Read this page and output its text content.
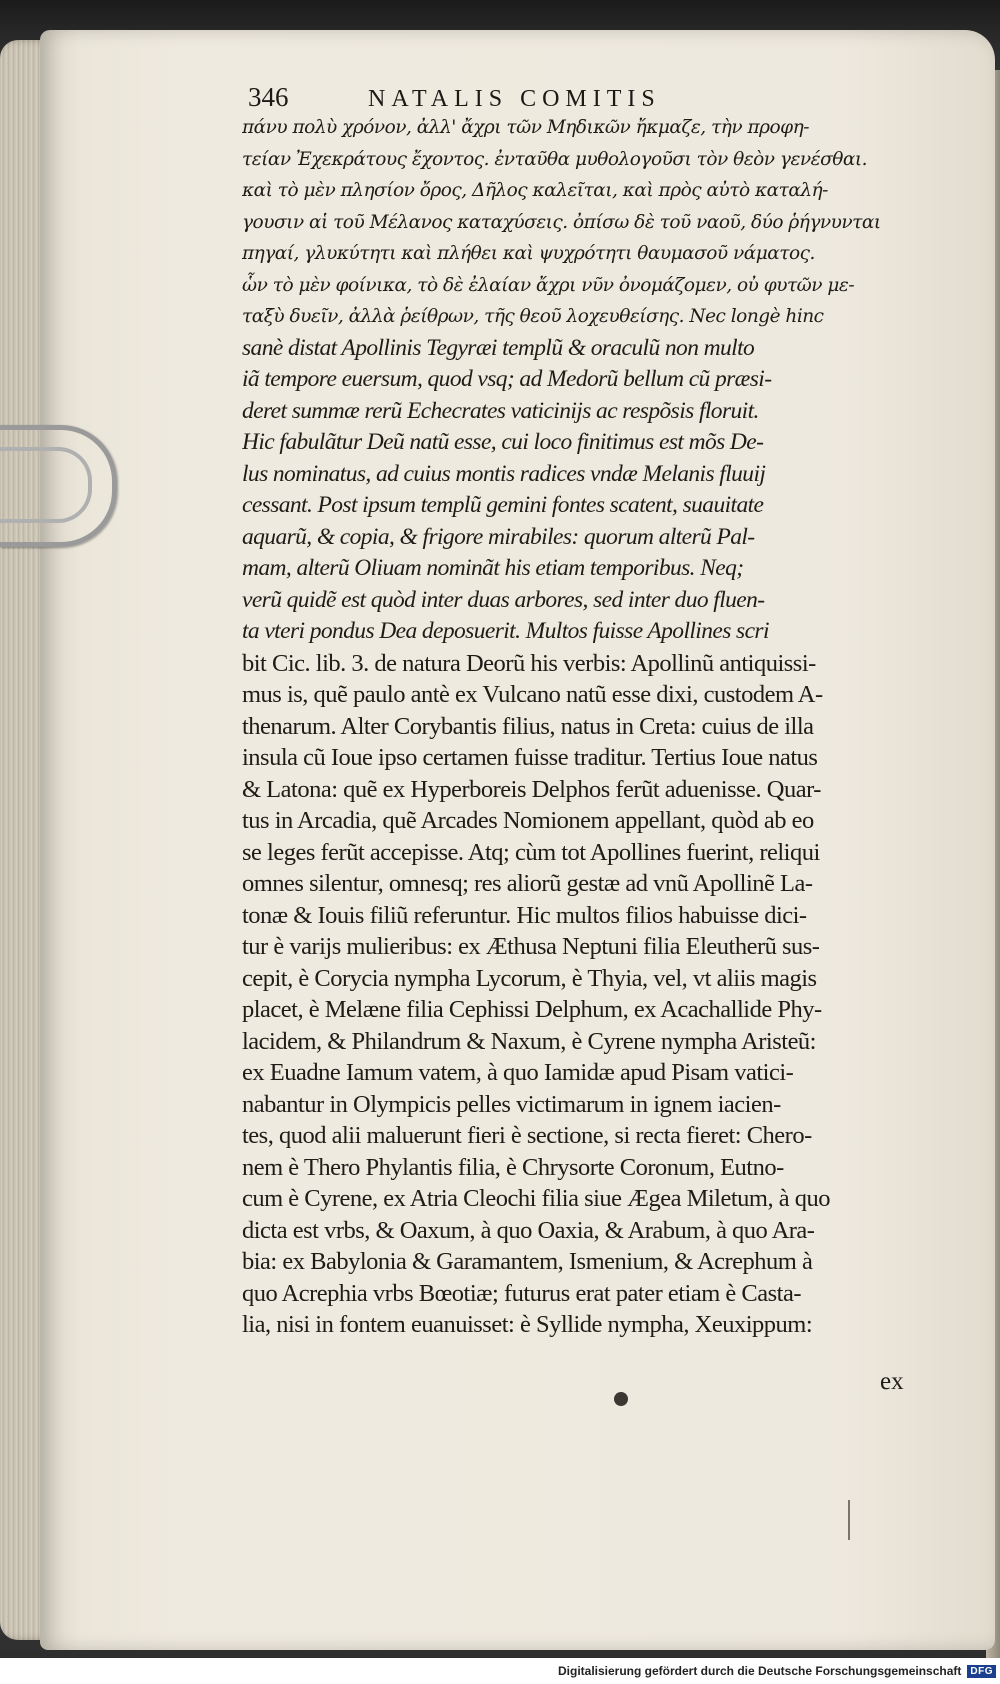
346	NATALIS COMITIS
πάνυ πολὺ χρόνον, ἀλλ' ἄχρι τῶν Μηδικῶν ἤκμαζε, τὴν προφη-
τείαν Ἐχεκράτους ἔχοντος. ἐνταῦθα μυθολογοῦσι τὸν θεὸν γενέσθαι.
καὶ τὸ μὲν πλησίον ὄρος, Δῆλος καλεῖται, καὶ πρὸς αὐτὸ καταλή-
γουσιν αἱ τοῦ Μέλανος καταχύσεις. ὀπίσω δὲ τοῦ ναοῦ, δύο ῥήγνυνται
πηγαί, γλυκύτητι καὶ πλήθει καὶ ψυχρότητι θαυμασοῦ νάματος.
ὧν τὸ μὲν φοίνικα, τὸ δὲ ἐλαίαν ἄχρι νῦν ὀνομάζομεν, οὐ φυτῶν με-
ταξὺ δυεῖν, ἀλλὰ ῥείθρων, τῆς θεοῦ λοχευθείσης. Nec longè hinc
sanè distat Apollinis Tegyræi templũ & oraculũ non multo
iã tempore euersum, quod vsq; ad Medorũ bellum cũ præsi-
deret summæ rerũ Echecrates vaticinijs ac respõsis floruit.
Hic fabulãtur Deũ natũ esse, cui loco finitimus est mõs De-
lus nominatus, ad cuius montis radices vndæ Melanis fluuij
cessant. Post ipsum templũ gemini fontes scatent, suauitate
aquarũ, & copia, & frigore mirabiles: quorum alterũ Pal-
mam, alterũ Oliuam nominãt his etiam temporibus. Neq;
verũ quidẽ est quòd inter duas arbores, sed inter duo fluen-
ta vteri pondus Dea deposuerit. Multos fuisse Apollines scri
bit Cic. lib. 3. de natura Deorũ his verbis: Apollinũ antiquissi-
mus is, quẽ paulo antè ex Vulcano natũ esse dixi, custodem A-
thenarum. Alter Corybantis filius, natus in Creta: cuius de illa
insula cũ Ioue ipso certamen fuisse traditur. Tertius Ioue natus
& Latona: quẽ ex Hyperboreis Delphos ferũt aduenisse. Quar-
tus in Arcadia, quẽ Arcades Nomionem appellant, quòd ab eo
se leges ferũt accepisse. Atq; cùm tot Apollines fuerint, reliqui
omnes silentur, omnesq; res aliorũ gestæ ad vnũ Apollinẽ La-
tonæ & Iouis filiũ referuntur. Hic multos filios habuisse dici-
tur è varijs mulieribus: ex Æthusa Neptuni filia Eleutherũ sus-
cepit, è Corycia nympha Lycorum, è Thyia, vel, vt aliis magis
placet, è Melæne filia Cephissi Delphum, ex Acachallide Phy-
lacidem, & Philandrum & Naxum, è Cyrene nympha Aristeũ:
ex Euadne Iamum vatem, à quo Iamidæ apud Pisam vatici-
nabantur in Olympicis pelles victimarum in ignem iacien-
tes, quod alii maluerunt fieri è sectione, si recta fieret: Chero-
nem è Thero Phylantis filia, è Chrysorte Coronum, Eutno-
cum è Cyrene, ex Atria Cleochi filia siue Ægea Miletum, à quo
dicta est vrbs, & Oaxum, à quo Oaxia, & Arabum, à quo Ara-
bia: ex Babylonia & Garamantem, Ismenium, & Acrephum à
quo Acrephia vrbs Bœotiæ; futurus erat pater etiam è Casta-
lia, nisi in fontem euanuisset: è Syllide nympha, Xeuxippum:
ex
Digitalisierung gefördert durch die Deutsche Forschungsgemeinschaft DFG
